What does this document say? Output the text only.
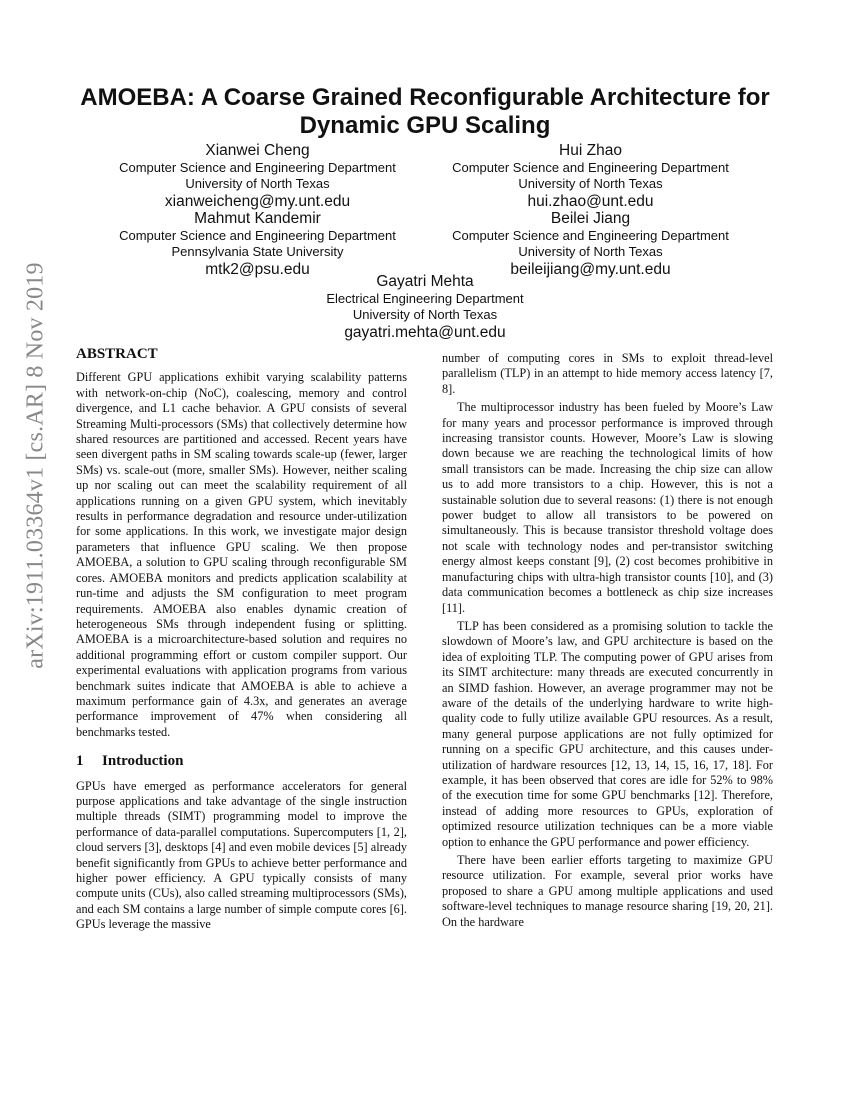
arXiv:1911.03364v1 [cs.AR] 8 Nov 2019
AMOEBA: A Coarse Grained Reconfigurable Architecture for Dynamic GPU Scaling
Xianwei Cheng
Computer Science and Engineering Department
University of North Texas
xianweicheng@my.unt.edu
Hui Zhao
Computer Science and Engineering Department
University of North Texas
hui.zhao@unt.edu
Mahmut Kandemir
Computer Science and Engineering Department
Pennsylvania State University
mtk2@psu.edu
Beilei Jiang
Computer Science and Engineering Department
University of North Texas
beileijiang@my.unt.edu
Gayatri Mehta
Electrical Engineering Department
University of North Texas
gayatri.mehta@unt.edu
ABSTRACT

Different GPU applications exhibit varying scalability patterns with network-on-chip (NoC), coalescing, memory and control divergence, and L1 cache behavior. A GPU consists of several Streaming Multi-processors (SMs) that collectively determine how shared resources are partitioned and accessed. Recent years have seen divergent paths in SM scaling towards scale-up (fewer, larger SMs) vs. scale-out (more, smaller SMs). However, neither scaling up nor scaling out can meet the scalability requirement of all applications running on a given GPU system, which inevitably results in performance degradation and resource under-utilization for some applications. In this work, we investigate major design parameters that influence GPU scaling. We then propose AMOEBA, a solution to GPU scaling through reconfigurable SM cores. AMOEBA monitors and predicts application scalability at run-time and adjusts the SM configuration to meet program requirements. AMOEBA also enables dynamic creation of heterogeneous SMs through independent fusing or splitting. AMOEBA is a microarchitecture-based solution and requires no additional programming effort or custom compiler support. Our experimental evaluations with application programs from various benchmark suites indicate that AMOEBA is able to achieve a maximum performance gain of 4.3x, and generates an average performance improvement of 47% when considering all benchmarks tested.

1 Introduction

GPUs have emerged as performance accelerators for general purpose applications and take advantage of the single instruction multiple threads (SIMT) programming model to improve the performance of data-parallel computations. Supercomputers [1, 2], cloud servers [3], desktops [4] and even mobile devices [5] already benefit significantly from GPUs to achieve better performance and higher power efficiency. A GPU typically consists of many compute units (CUs), also called streaming multiprocessors (SMs), and each SM contains a large number of simple compute cores [6]. GPUs leverage the massive

number of computing cores in SMs to exploit thread-level parallelism (TLP) in an attempt to hide memory access latency [7, 8].

The multiprocessor industry has been fueled by Moore’s Law for many years and processor performance is improved through increasing transistor counts. However, Moore’s Law is slowing down because we are reaching the technological limits of how small transistors can be made. Increasing the chip size can allow us to add more transistors to a chip. However, this is not a sustainable solution due to several reasons: (1) there is not enough power budget to allow all transistors to be powered on simultaneously. This is because transistor threshold voltage does not scale with technology nodes and per-transistor switching energy almost keeps constant [9], (2) cost becomes prohibitive in manufacturing chips with ultra-high transistor counts [10], and (3) data communication becomes a bottleneck as chip size increases [11].

TLP has been considered as a promising solution to tackle the slowdown of Moore’s law, and GPU architecture is based on the idea of exploiting TLP. The computing power of GPU arises from its SIMT architecture: many threads are executed concurrently in an SIMD fashion. However, an average programmer may not be aware of the details of the underlying hardware to write high-quality code to fully utilize available GPU resources. As a result, many general purpose applications are not fully optimized for running on a specific GPU architecture, and this causes under-utilization of hardware resources [12, 13, 14, 15, 16, 17, 18]. For example, it has been observed that cores are idle for 52% to 98% of the execution time for some GPU benchmarks [12]. Therefore, instead of adding more resources to GPUs, exploration of optimized resource utilization techniques can be a more viable option to enhance the GPU performance and power efficiency.

There have been earlier efforts targeting to maximize GPU resource utilization. For example, several prior works have proposed to share a GPU among multiple applications and used software-level techniques to manage resource sharing [19, 20, 21]. On the hardware
